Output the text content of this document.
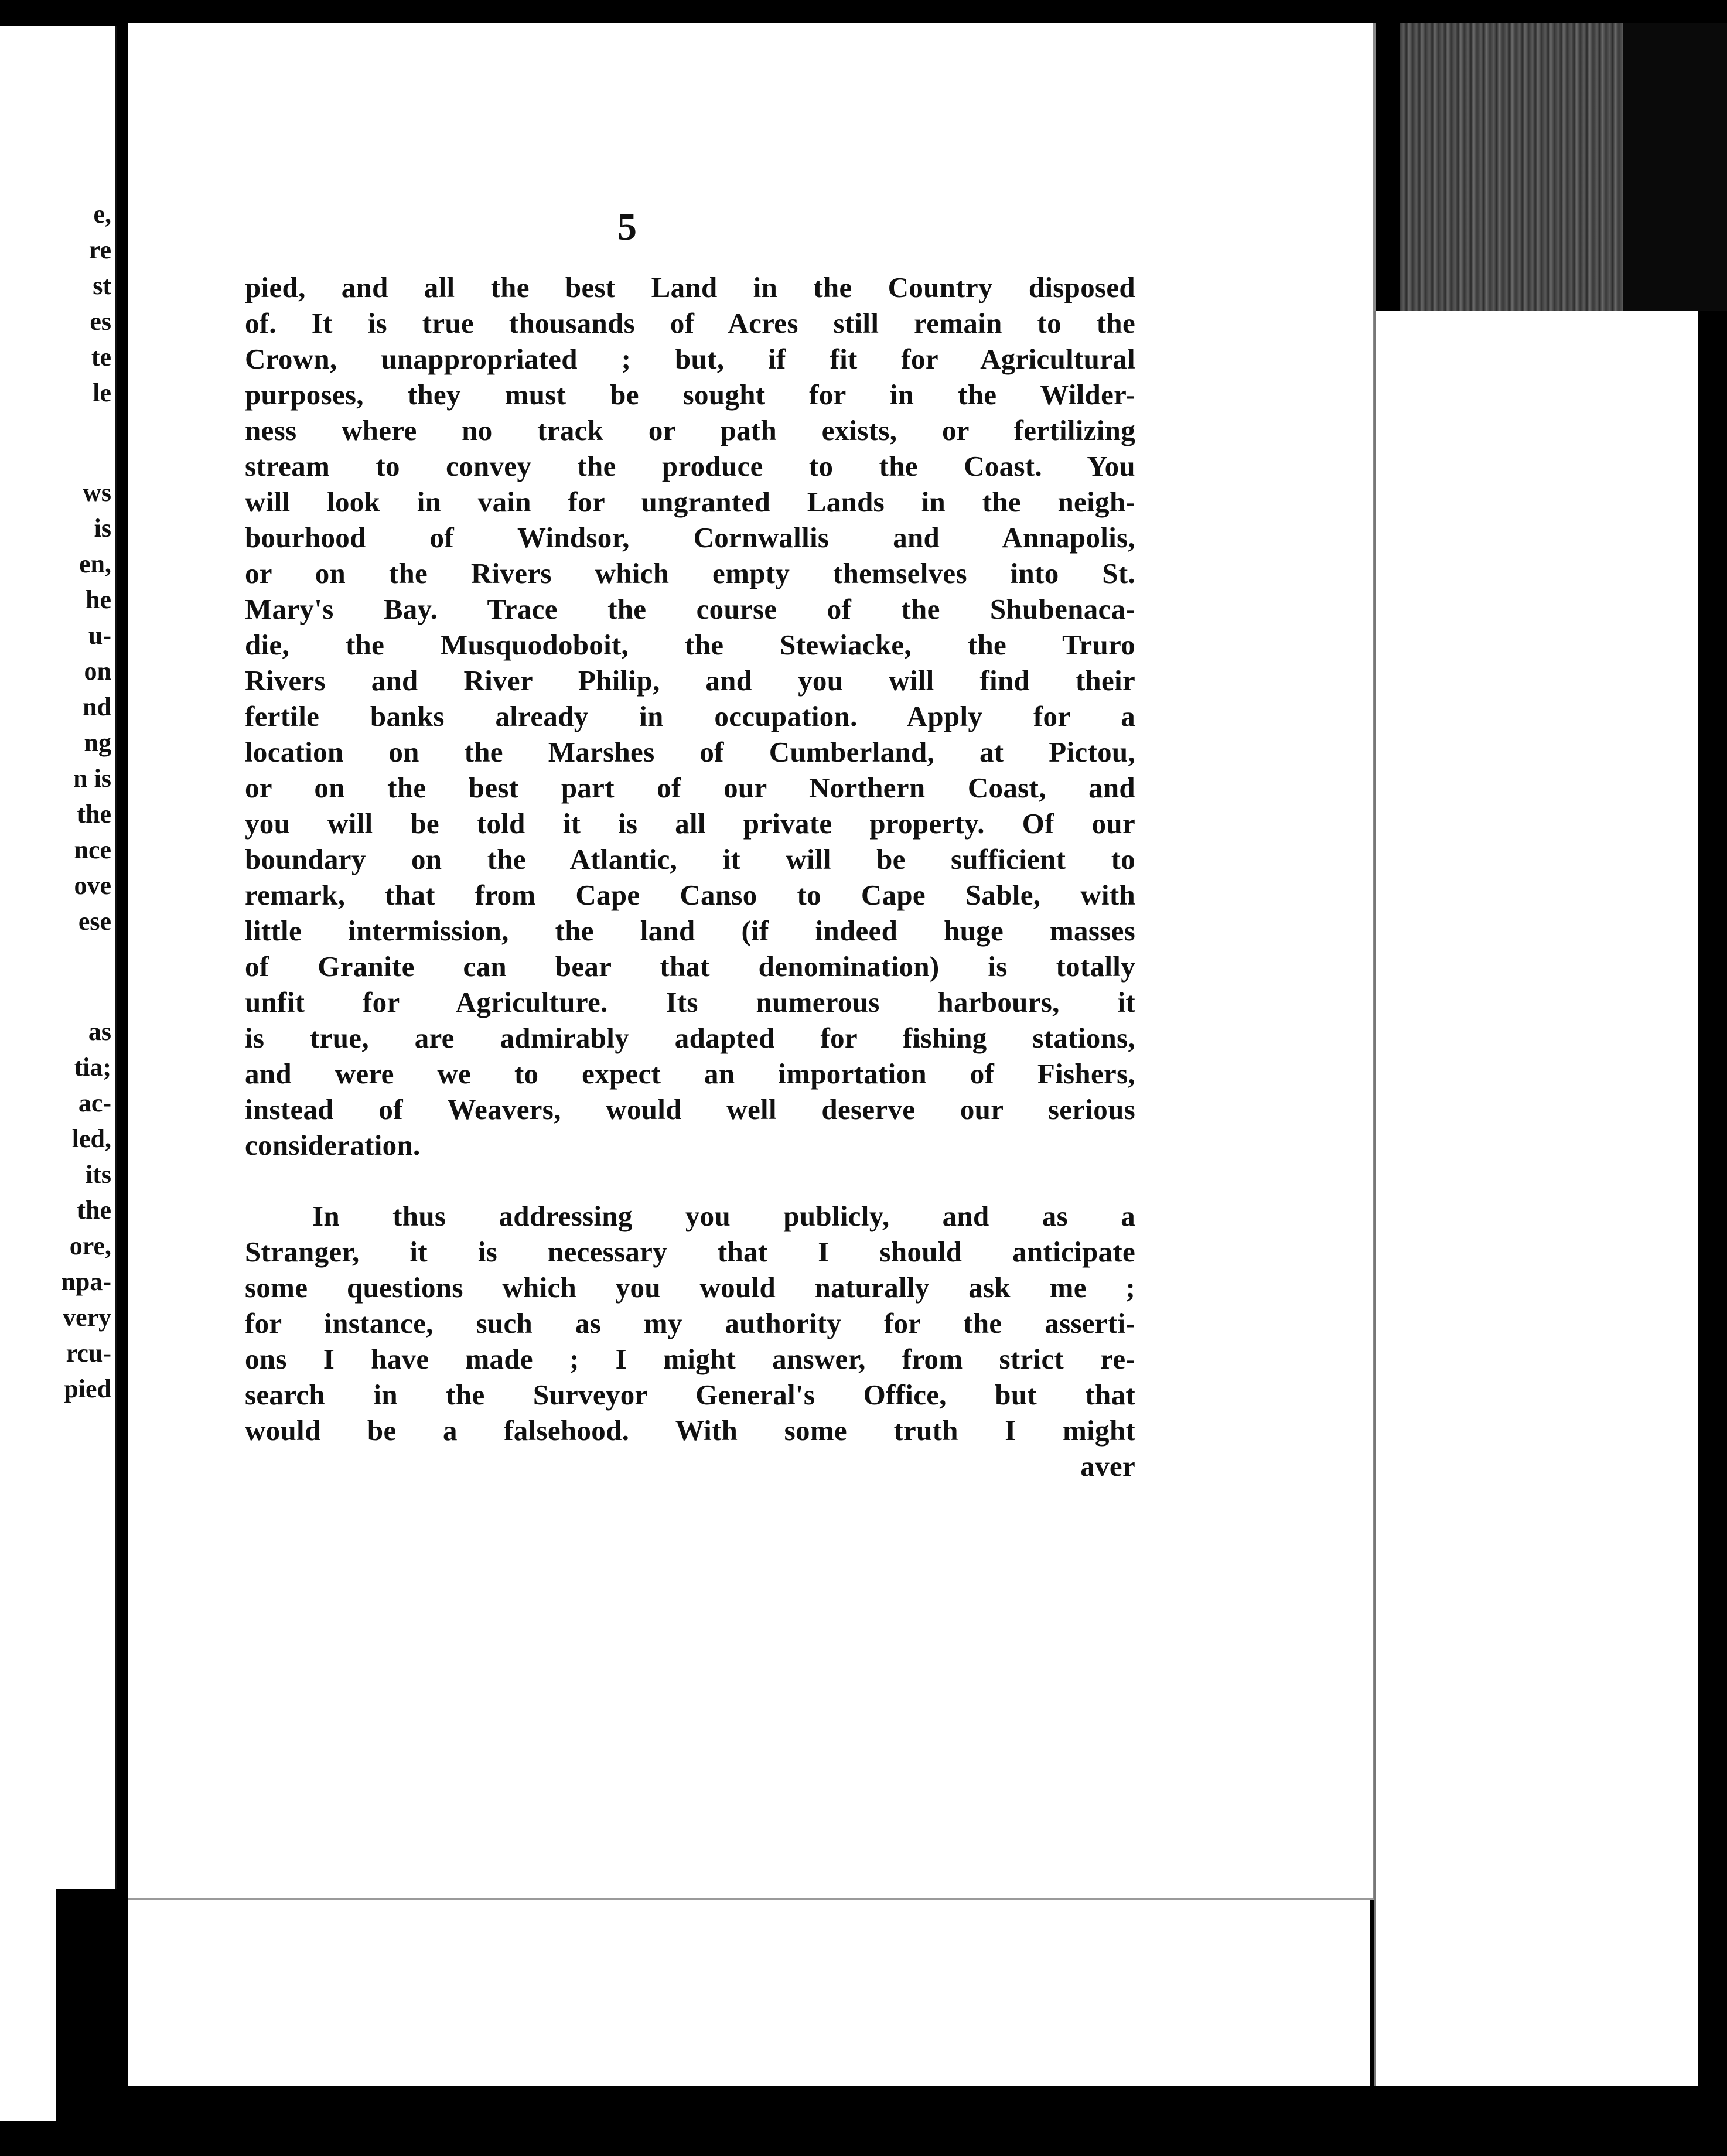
e,
re
st
es
te
le
ws
is
en,
he
u-
on
nd
ng
n is
the
nce
ove
ese
as
tia;
ac-
led,
its
the
ore,
npa-
very
rcu-
pied
5
pied, and all the best Land in the Country disposed
of. It is true thousands of Acres still remain to the
Crown, unappropriated ; but, if fit for Agricultural
purposes, they must be sought for in the Wilder-
ness where no track or path exists, or fertilizing
stream to convey the produce to the Coast. You
will look in vain for ungranted Lands in the neigh-
bourhood of Windsor, Cornwallis and Annapolis,
or on the Rivers which empty themselves into St.
Mary's Bay. Trace the course of the Shubenaca-
die, the Musquodoboit, the Stewiacke, the Truro
Rivers and River Philip, and you will find their
fertile banks already in occupation. Apply for a
location on the Marshes of Cumberland, at Pictou,
or on the best part of our Northern Coast, and
you will be told it is all private property. Of our
boundary on the Atlantic, it will be sufficient to
remark, that from Cape Canso to Cape Sable, with
little intermission, the land (if indeed huge masses
of Granite can bear that denomination) is totally
unfit for Agriculture. Its numerous harbours, it
is true, are admirably adapted for fishing stations,
and were we to expect an importation of Fishers,
instead of Weavers, would well deserve our serious
consideration.
In thus addressing you publicly, and as a
Stranger, it is necessary that I should anticipate
some questions which you would naturally ask me ;
for instance, such as my authority for the asserti-
ons I have made ; I might answer, from strict re-
search in the Surveyor General's Office, but that
would be a falsehood. With some truth I might
aver
